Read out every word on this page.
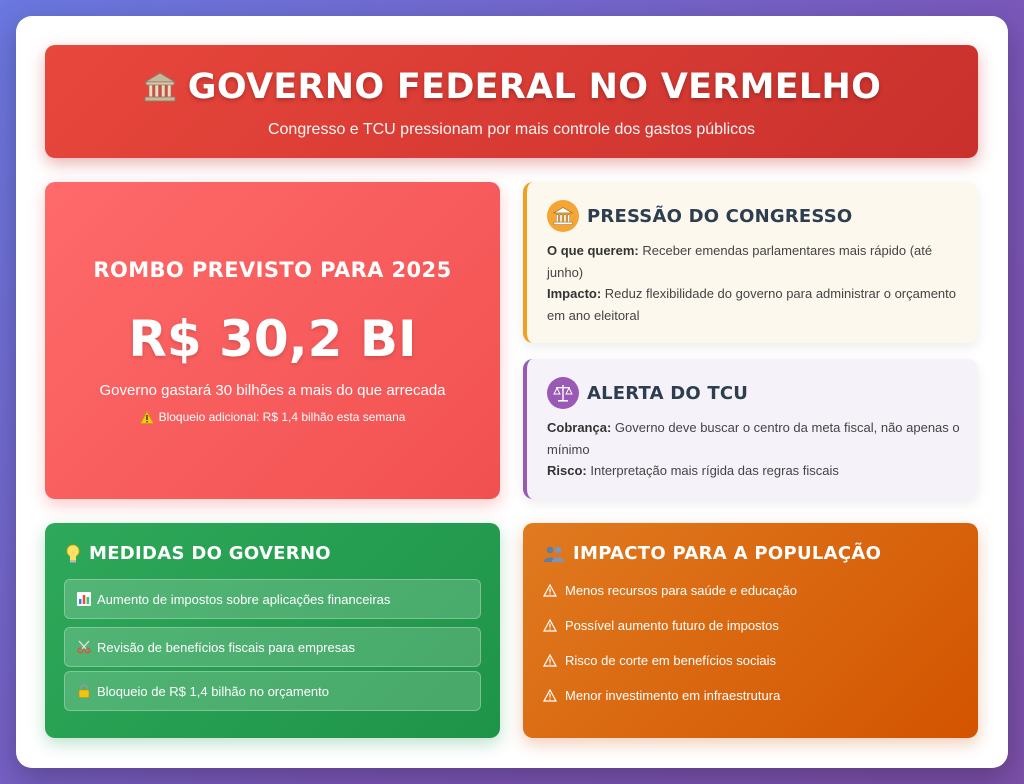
GOVERNO FEDERAL NO VERMELHO
Congresso e TCU pressionam por mais controle dos gastos públicos
ROMBO PREVISTO PARA 2025
R$ 30,2 BI
Governo gastará 30 bilhões a mais do que arrecada
Bloqueio adicional: R$ 1,4 bilhão esta semana
PRESSÃO DO CONGRESSO
O que querem: Receber emendas parlamentares mais rápido (até junho)
Impacto: Reduz flexibilidade do governo para administrar o orçamento em ano eleitoral
ALERTA DO TCU
Cobrança: Governo deve buscar o centro da meta fiscal, não apenas o mínimo
Risco: Interpretação mais rígida das regras fiscais
MEDIDAS DO GOVERNO
Aumento de impostos sobre aplicações financeiras
Revisão de benefícios fiscais para empresas
Bloqueio de R$ 1,4 bilhão no orçamento
IMPACTO PARA A POPULAÇÃO
Menos recursos para saúde e educação
Possível aumento futuro de impostos
Risco de corte em benefícios sociais
Menor investimento em infraestrutura
